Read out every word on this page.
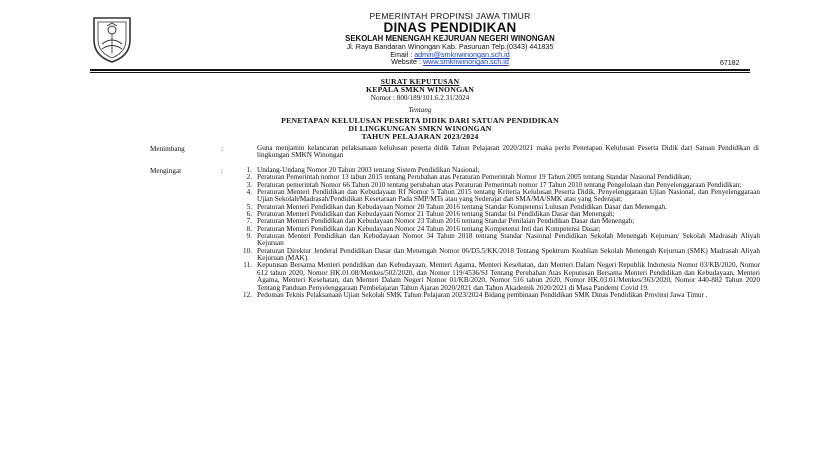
PEMERINTAH PROPINSI JAWA TIMUR
DINAS PENDIDIKAN
SEKOLAH MENENGAH KEJURUAN NEGERI WINONGAN
Jl. Raya Bandaran Winongan Kab. Pasuruan Telp.(0343) 441835
Email : admin@smknwinongan.sch.id
Website : www.smknwinongan.sch.id	67182
SURAT KEPUTUSAN
KEPALA SMKN WINONGAN
Nomor : 800/189/101.6.2.31/2024
Tentang
PENETAPAN KELULUSAN PESERTA DIDIK DARI SATUAN PENDIDIKAN
DI LINGKUNGAN SMKN WINONGAN
TAHUN PELAJARAN 2023/2024
Menimbang	:	Guna menjamin kelancaran pelaksanaan kelulusan peserta didik Tahun Pelajaran 2020/2021 maka perlu Penetapan Kelulusan Peserta Didik dari Satuan Pendidikan di lingkungan SMKN Winongan
Mengingat	:	1. Undang-Undang Nomor 20 Tahun 2003 tentang Sistem Pendidikan Nasional;
2. Peraturan Pemerintah nomor 13 tahun 2015 tentang Perubahan atas Peraturan Pemerintah Nomor 19 Tahun 2005 tentang Standar Nasional Pendidikan;
3. Peraturan pemerintah Nomor 66 Tahun 2010 tentang perubahan atas Peraturan Pemerintah nomor 17 Tahun 2010 tentang Pengelolaan dan Penyelenggaraan Pendidikan;
4. Peraturan Menteri Pendidikan dan Kebudayaan RI Nomor 5 Tahun 2015 tentang Kriteria Kelulusan Peserta Didik, Penyelenggaraan Ujian Nasional, dan Penyelenggaraan Ujian Sekolah/Madrasah/Pendidikan Kesetaraan Pada SMP/MTs atau yang Sederajat dan SMA/MA/SMK atau yang Sederajat;
5. Peraturan Menteri Pendidikan dan Kebudayaan Nomor 20 Tahun 2016 tentang Standar Kompetensi Lulusan Pendidikan Dasar dan Menengah.
6. Peraturan Menteri Pendidikan dan Kebudayaan Nomor 21 Tahun 2016 tentang Standar Isi Pendidikan Dasar dan Menengah;
7. Peraturan Menteri Pendidikan dan Kebudayaan Nomor 23 Tahun 2016 tentang Standar Penilaian Pendidikan Dasar dan Menengah;
8. Peraturan Menteri Pendidikan dan Kebudayaan Nomor 24 Tahun 2016 tentang Kompetensi Inti dan Kompetensi Dasar;
9. Peraturan Menteri Pendidikan dan Kebudayaan Nomor 34 Tahun 2018 tentang Standar Nasional Pendidikan Sekolah Menengah Kejuruan/ Sekolah Madrasah Aliyah Kejuruan
10. Peraturan Direktur Jenderal Pendidikan Dasar dan Menengah Nomor 06/D5.5/KK/2018 Tentang Spektrum Keahlian Sekolah Menengah Kejuruan (SMK) Madrasah Aliyah Kejuruan (MAK).
11. Keputusan Bersama Menteri pendidikan dan Kebudayaan, Menteri Agama, Menteri Kesehatan, dan Menteri Dalam Negeri Republik Indonesia Nomor 03/KB/2020, Nomor 612 tahun 2020, Nomor HK.01.08/Menkes/502/2020, dan Nomor 119/4536/SJ Tentang Perubahan Atas Keputusan Bersama Menteri Pendidikan dan Kebudayaan, Menteri Agama, Menteri Kesehatan, dan Menteri Dalam Negeri Nomor 01/KB/2020, Nomor 516 tahun 2020, Nomor HK.03.01/Menkes/363/2020, Nomor 440-882 Tahun 2020 Tentang Panduan Penyelenggaraan Pembelajaran Tahun Ajaran 2020/2021 dan Tahun Akademik 2020/2021 di Masa Pandemi Covid 19.
12. Pedoman Teknis Pelaksanaan Ujian Sekolah SMK Tahun Pelajaran 2023/2024 Bidang pembinaan Pendidikan SMK Dinas Pendidikan Provinsi Jawa Timur .
